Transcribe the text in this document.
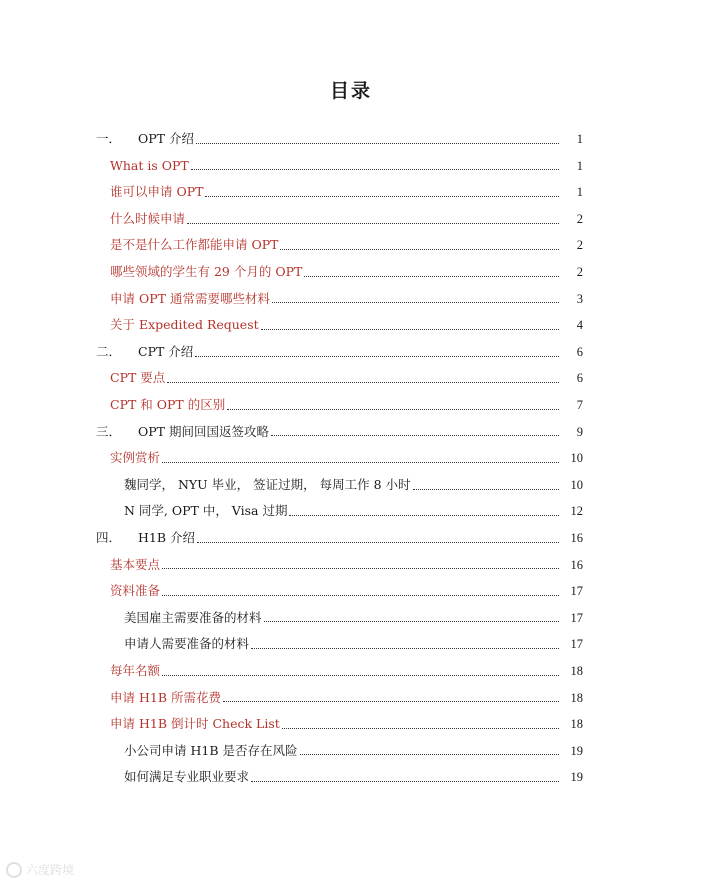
目录
一． OPT 介绍	1
What is OPT	1
谁可以申请 OPT	1
什么时候申请	2
是不是什么工作都能申请 OPT	2
哪些领域的学生有 29 个月的 OPT	2
申请 OPT 通常需要哪些材料	3
关于 Expedited Request	4
二． CPT 介绍	6
CPT 要点	6
CPT 和 OPT 的区别	7
三． OPT 期间回国返签攻略	9
实例赏析	10
魏同学， NYU 毕业， 签证过期， 每周工作 8 小时	10
N 同学, OPT 中， Visa 过期	12
四． H1B 介绍	16
基本要点	16
资料准备	17
美国雇主需要准备的材料	17
申请人需要准备的材料	17
每年名额	18
申请 H1B 所需花费	18
申请 H1B 倒计时 Check List	18
小公司申请 H1B 是否存在风险	19
如何满足专业职业要求	19
六度跨境
